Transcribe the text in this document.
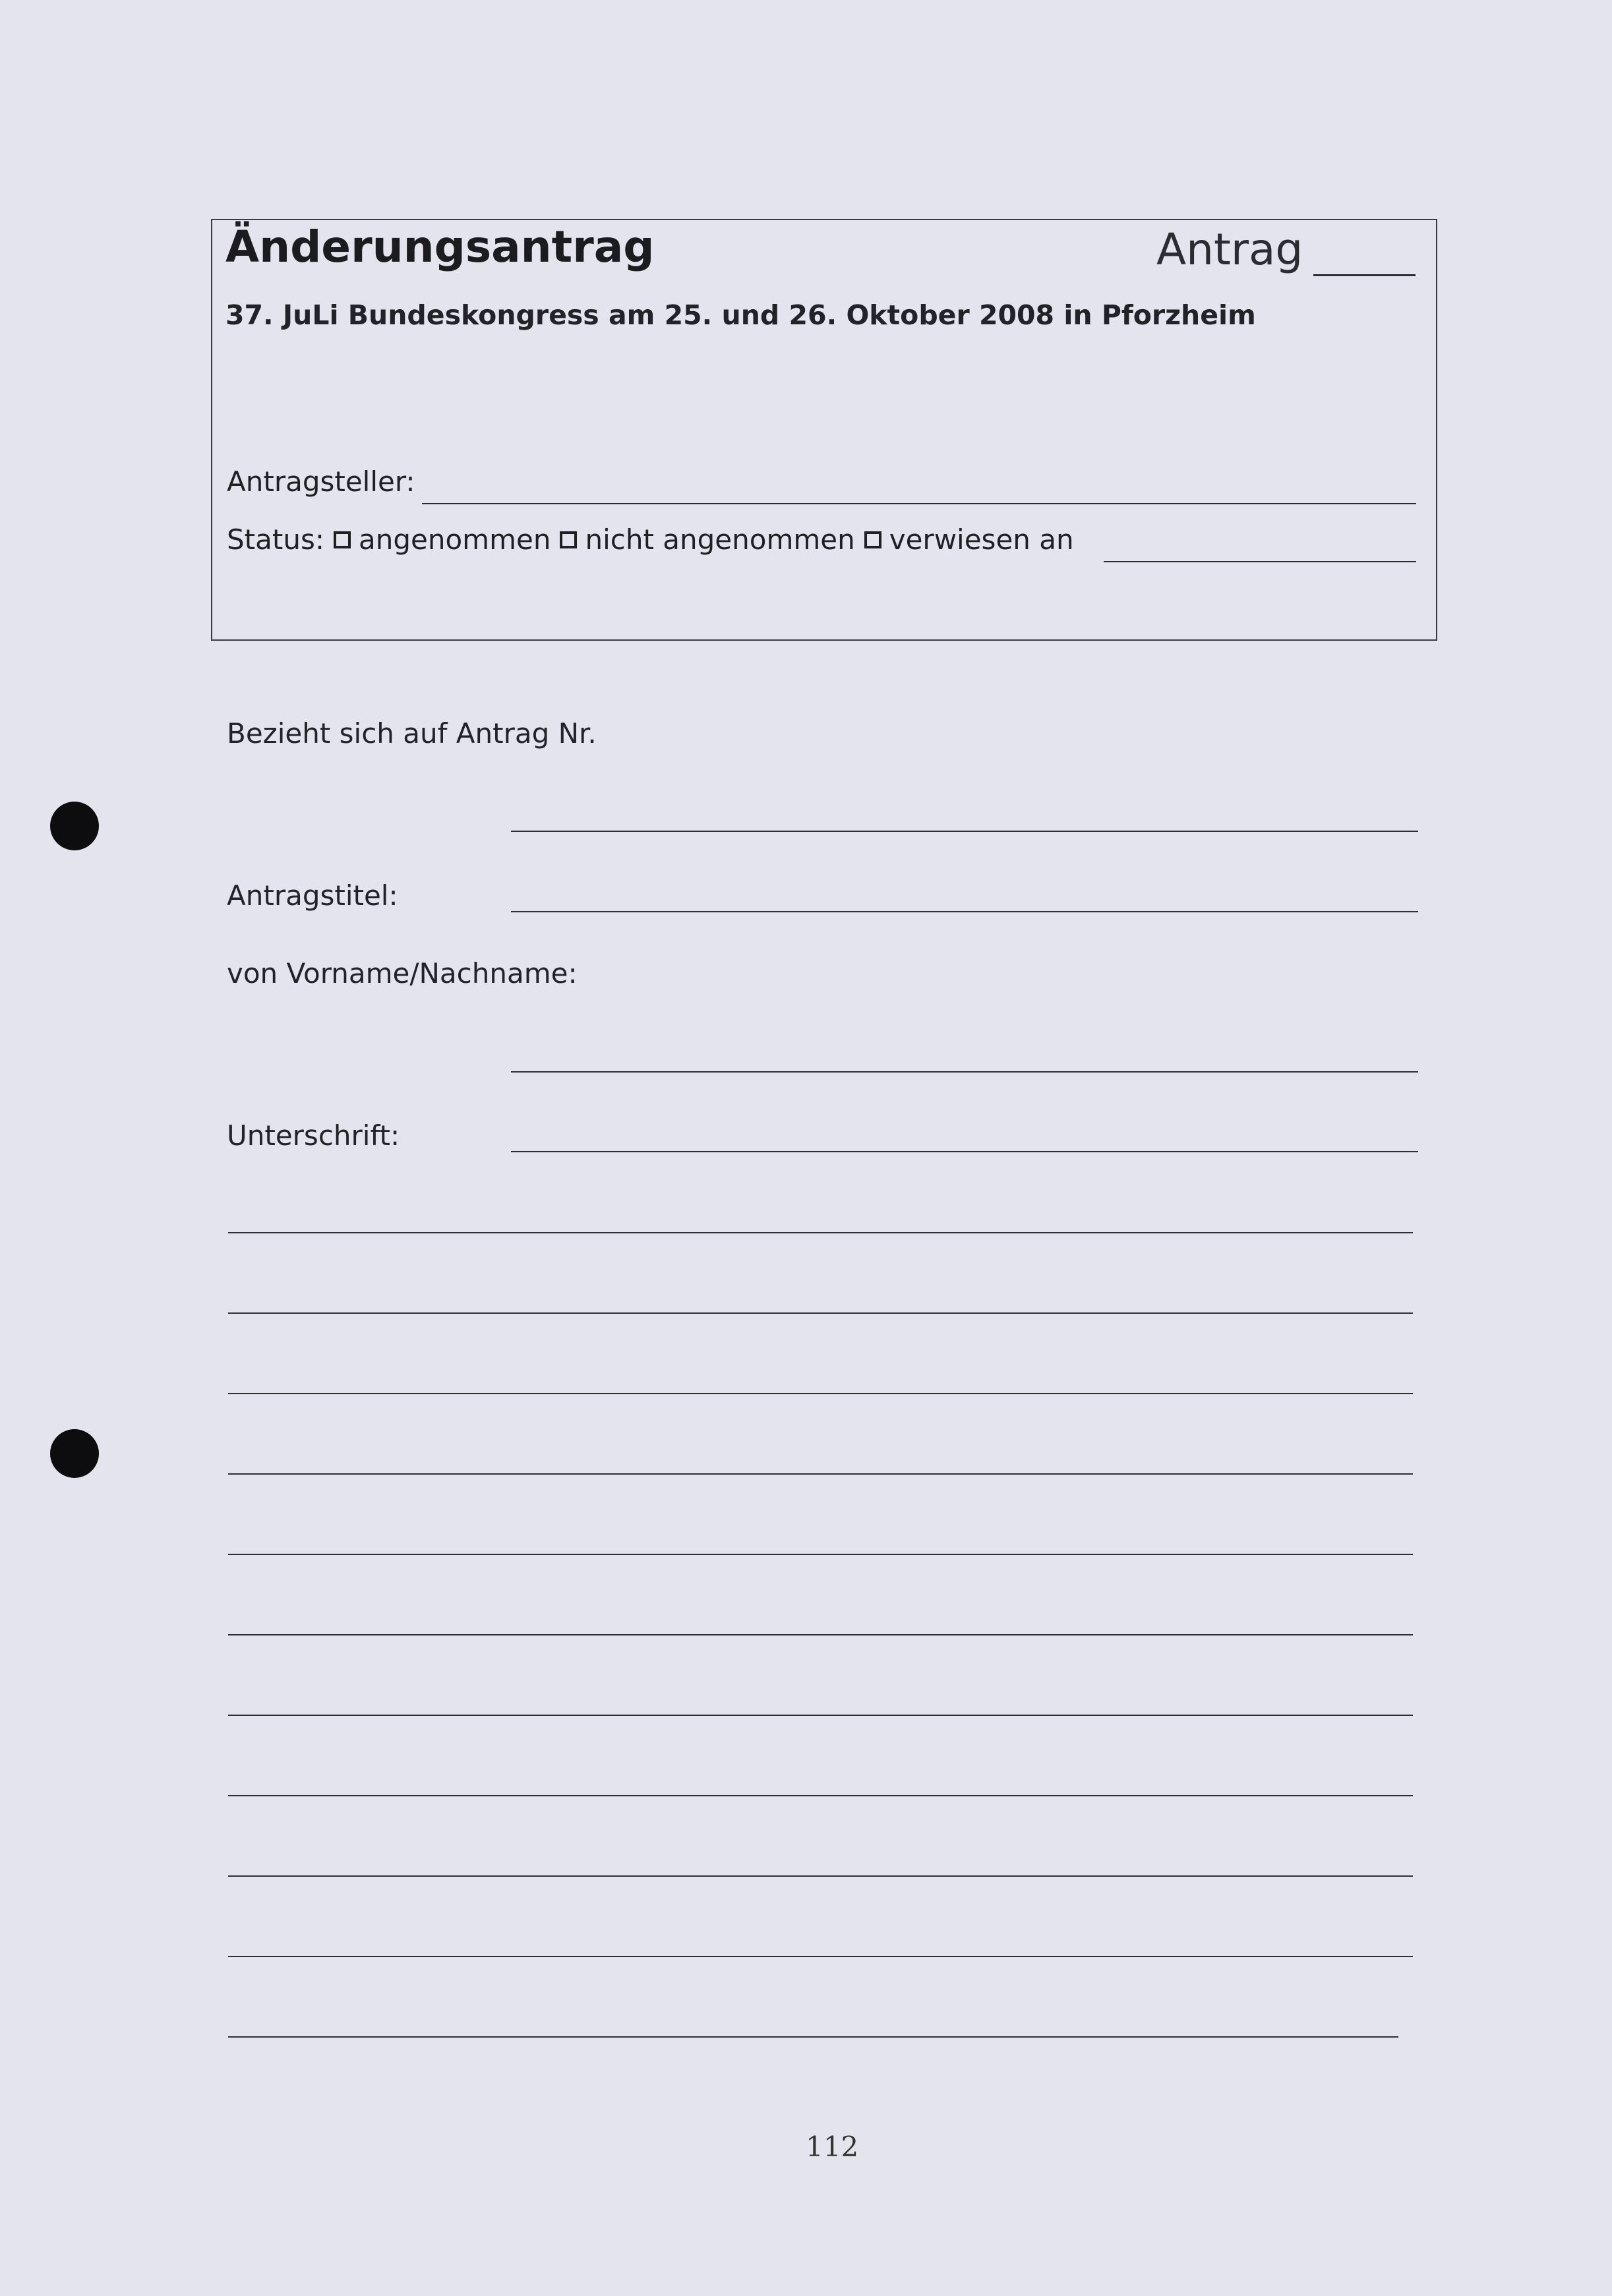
Änderungsantrag	Antrag
37. JuLi Bundeskongress am 25. und 26. Oktober 2008 in Pforzheim
Antragsteller:
Status: angenommen nicht angenommen verwiesen an
Bezieht sich auf Antrag Nr.
Antragstitel:
von Vorname/Nachname:
Unterschrift:
112
